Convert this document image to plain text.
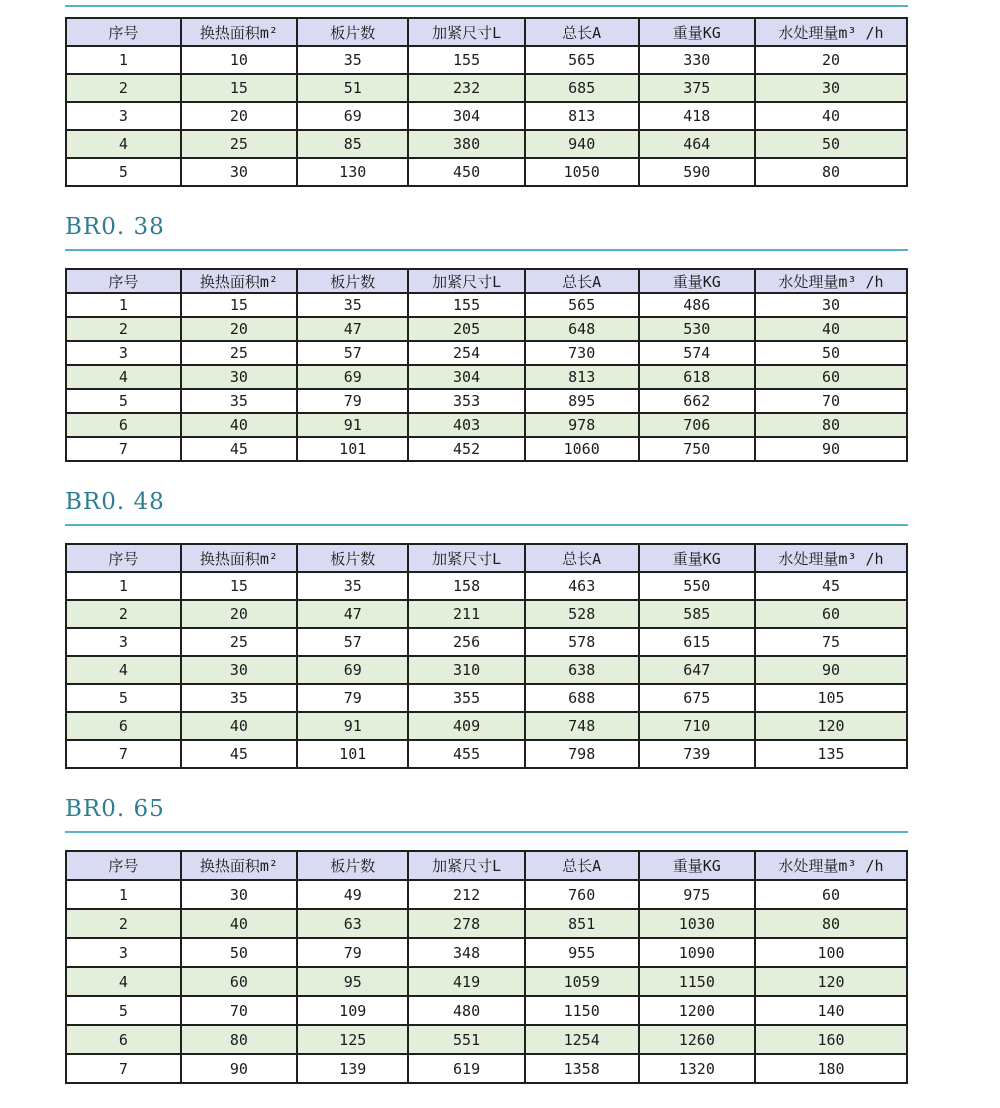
序号	换热面积m²	板片数	加紧尺寸L	总长A	重量KG	水处理量m³ /h
1	10	35	155	565	330	20
2	15	51	232	685	375	30
3	20	69	304	813	418	40
4	25	85	380	940	464	50
5	30	130	450	1050	590	80
BR0. 38
序号	换热面积m²	板片数	加紧尺寸L	总长A	重量KG	水处理量m³ /h
1	15	35	155	565	486	30
2	20	47	205	648	530	40
3	25	57	254	730	574	50
4	30	69	304	813	618	60
5	35	79	353	895	662	70
6	40	91	403	978	706	80
7	45	101	452	1060	750	90
BR0. 48
序号	换热面积m²	板片数	加紧尺寸L	总长A	重量KG	水处理量m³ /h
1	15	35	158	463	550	45
2	20	47	211	528	585	60
3	25	57	256	578	615	75
4	30	69	310	638	647	90
5	35	79	355	688	675	105
6	40	91	409	748	710	120
7	45	101	455	798	739	135
BR0. 65
序号	换热面积m²	板片数	加紧尺寸L	总长A	重量KG	水处理量m³ /h
1	30	49	212	760	975	60
2	40	63	278	851	1030	80
3	50	79	348	955	1090	100
4	60	95	419	1059	1150	120
5	70	109	480	1150	1200	140
6	80	125	551	1254	1260	160
7	90	139	619	1358	1320	180
